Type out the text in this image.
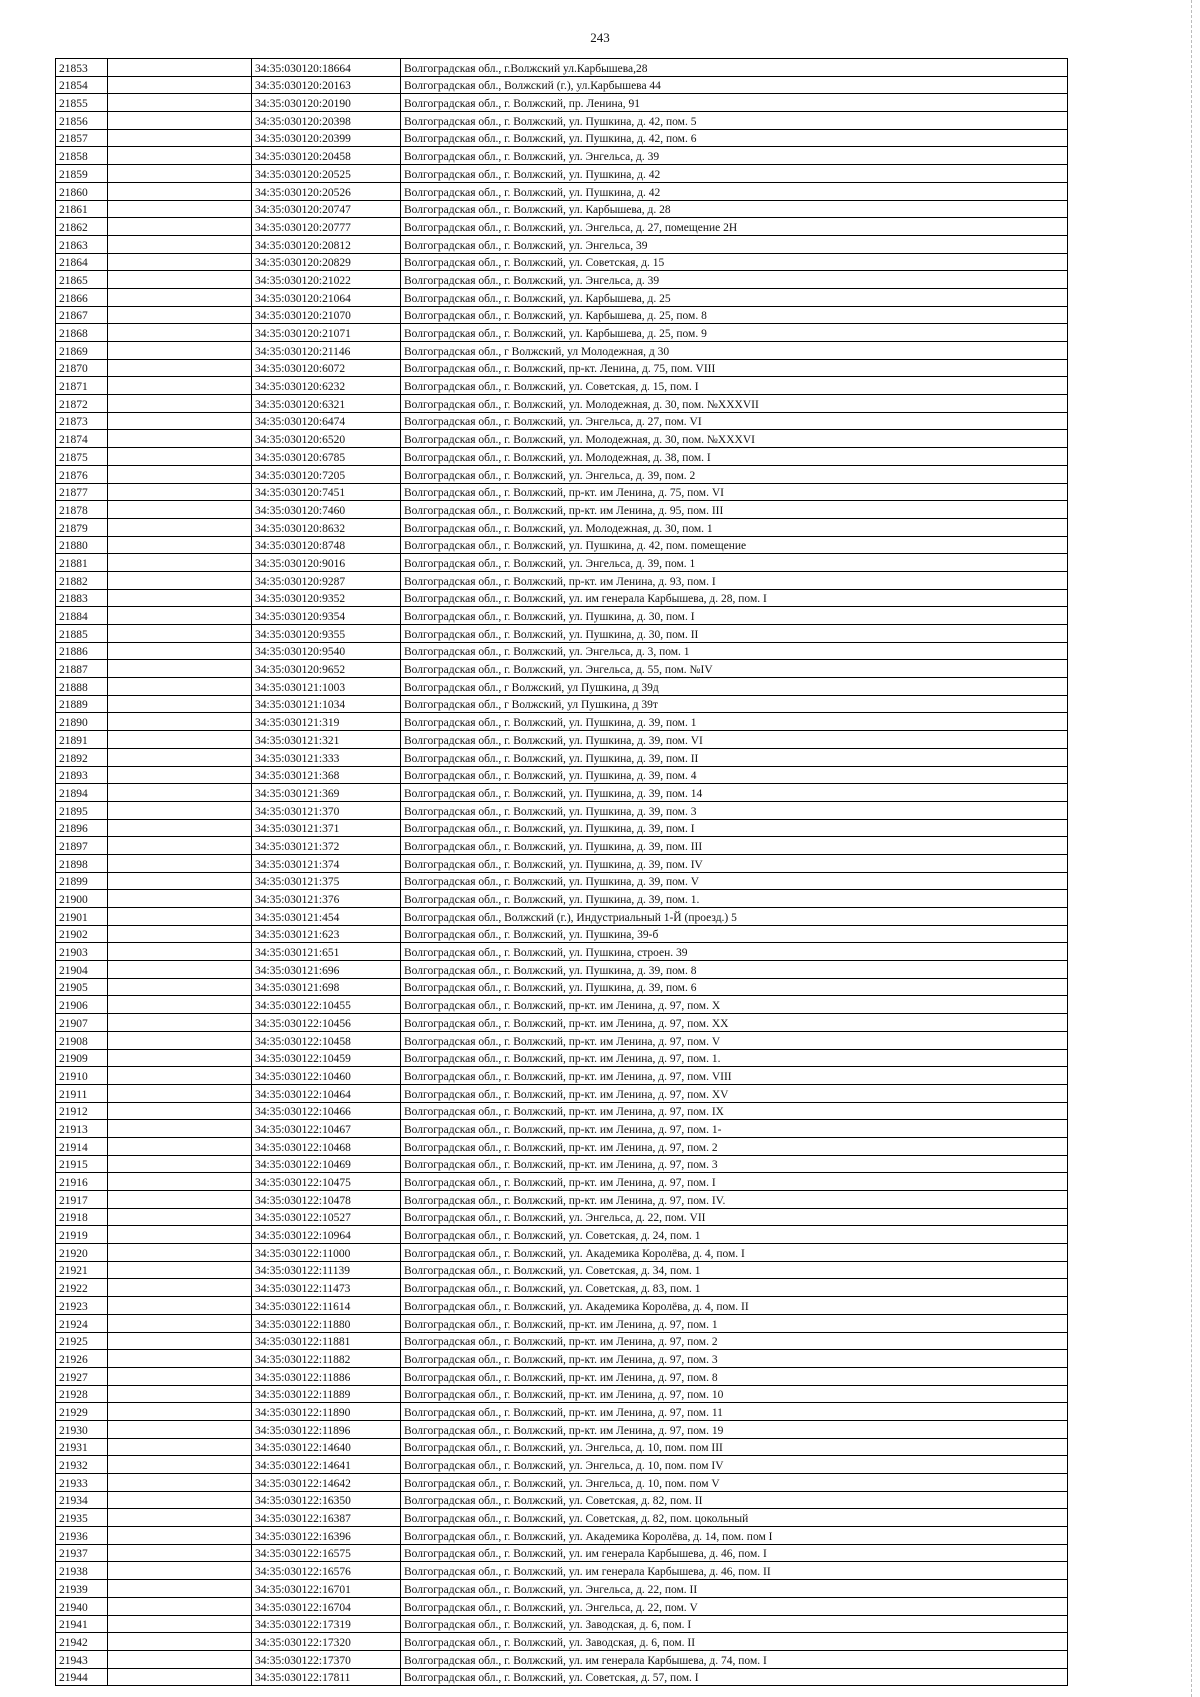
243
21853		34:35:030120:18664	Волгоградская обл., г.Волжский ул.Карбышева,28
21854		34:35:030120:20163	Волгоградская обл., Волжский (г.), ул.Карбышева 44
21855		34:35:030120:20190	Волгоградская обл., г. Волжский, пр. Ленина, 91
21856		34:35:030120:20398	Волгоградская обл., г. Волжский, ул. Пушкина, д. 42, пом. 5
21857		34:35:030120:20399	Волгоградская обл., г. Волжский, ул. Пушкина, д. 42, пом. 6
21858		34:35:030120:20458	Волгоградская обл., г. Волжский, ул. Энгельса, д. 39
21859		34:35:030120:20525	Волгоградская обл., г. Волжский, ул. Пушкина, д. 42
21860		34:35:030120:20526	Волгоградская обл., г. Волжский, ул. Пушкина, д. 42
21861		34:35:030120:20747	Волгоградская обл., г. Волжский, ул. Карбышева, д. 28
21862		34:35:030120:20777	Волгоградская обл., г. Волжский, ул. Энгельса, д. 27, помещение 2Н
21863		34:35:030120:20812	Волгоградская обл., г. Волжский, ул. Энгельса, 39
21864		34:35:030120:20829	Волгоградская обл., г. Волжский, ул. Советская, д. 15
21865		34:35:030120:21022	Волгоградская обл., г. Волжский, ул. Энгельса, д. 39
21866		34:35:030120:21064	Волгоградская обл., г. Волжский, ул. Карбышева, д. 25
21867		34:35:030120:21070	Волгоградская обл., г. Волжский, ул. Карбышева, д. 25, пом. 8
21868		34:35:030120:21071	Волгоградская обл., г. Волжский, ул. Карбышева, д. 25, пом. 9
21869		34:35:030120:21146	Волгоградская обл., г Волжский, ул Молодежная, д 30
21870		34:35:030120:6072	Волгоградская обл., г. Волжский, пр-кт. Ленина, д. 75, пом. VIII
21871		34:35:030120:6232	Волгоградская обл., г. Волжский, ул. Советская, д. 15, пом. I
21872		34:35:030120:6321	Волгоградская обл., г. Волжский, ул. Молодежная, д. 30, пом. №XXXVII
21873		34:35:030120:6474	Волгоградская обл., г. Волжский, ул. Энгельса, д. 27, пом. VI
21874		34:35:030120:6520	Волгоградская обл., г. Волжский, ул. Молодежная, д. 30, пом. №XXXVI
21875		34:35:030120:6785	Волгоградская обл., г. Волжский, ул. Молодежная, д. 38, пом. I
21876		34:35:030120:7205	Волгоградская обл., г. Волжский, ул. Энгельса, д. 39, пом. 2
21877		34:35:030120:7451	Волгоградская обл., г. Волжский, пр-кт. им Ленина, д. 75, пом. VI
21878		34:35:030120:7460	Волгоградская обл., г. Волжский, пр-кт. им Ленина, д. 95, пом. III
21879		34:35:030120:8632	Волгоградская обл., г. Волжский, ул. Молодежная, д. 30, пом. 1
21880		34:35:030120:8748	Волгоградская обл., г. Волжский, ул. Пушкина, д. 42, пом. помещение
21881		34:35:030120:9016	Волгоградская обл., г. Волжский, ул. Энгельса, д. 39, пом. 1
21882		34:35:030120:9287	Волгоградская обл., г. Волжский, пр-кт. им Ленина, д. 93, пом. I
21883		34:35:030120:9352	Волгоградская обл., г. Волжский, ул. им генерала Карбышева, д. 28, пом. I
21884		34:35:030120:9354	Волгоградская обл., г. Волжский, ул. Пушкина, д. 30, пом. I
21885		34:35:030120:9355	Волгоградская обл., г. Волжский, ул. Пушкина, д. 30, пом. II
21886		34:35:030120:9540	Волгоградская обл., г. Волжский, ул. Энгельса, д. 3, пом. 1
21887		34:35:030120:9652	Волгоградская обл., г. Волжский, ул. Энгельса, д. 55, пом. №IV
21888		34:35:030121:1003	Волгоградская обл., г Волжский, ул Пушкина, д 39д
21889		34:35:030121:1034	Волгоградская обл., г Волжский, ул Пушкина, д 39т
21890		34:35:030121:319	Волгоградская обл., г. Волжский, ул. Пушкина, д. 39, пом. 1
21891		34:35:030121:321	Волгоградская обл., г. Волжский, ул. Пушкина, д. 39, пом. VI
21892		34:35:030121:333	Волгоградская обл., г. Волжский, ул. Пушкина, д. 39, пом. II
21893		34:35:030121:368	Волгоградская обл., г. Волжский, ул. Пушкина, д. 39, пом. 4
21894		34:35:030121:369	Волгоградская обл., г. Волжский, ул. Пушкина, д. 39, пом. 14
21895		34:35:030121:370	Волгоградская обл., г. Волжский, ул. Пушкина, д. 39, пом. 3
21896		34:35:030121:371	Волгоградская обл., г. Волжский, ул. Пушкина, д. 39, пом. I
21897		34:35:030121:372	Волгоградская обл., г. Волжский, ул. Пушкина, д. 39, пом. III
21898		34:35:030121:374	Волгоградская обл., г. Волжский, ул. Пушкина, д. 39, пом. IV
21899		34:35:030121:375	Волгоградская обл., г. Волжский, ул. Пушкина, д. 39, пом. V
21900		34:35:030121:376	Волгоградская обл., г. Волжский, ул. Пушкина, д. 39, пом. 1.
21901		34:35:030121:454	Волгоградская обл., Волжский (г.), Индустриальный 1-Й (проезд.) 5
21902		34:35:030121:623	Волгоградская обл., г. Волжский, ул. Пушкина, 39-б
21903		34:35:030121:651	Волгоградская обл., г. Волжский, ул. Пушкина, строен. 39
21904		34:35:030121:696	Волгоградская обл., г. Волжский, ул. Пушкина, д. 39, пом. 8
21905		34:35:030121:698	Волгоградская обл., г. Волжский, ул. Пушкина, д. 39, пом. 6
21906		34:35:030122:10455	Волгоградская обл., г. Волжский, пр-кт. им Ленина, д. 97, пом. X
21907		34:35:030122:10456	Волгоградская обл., г. Волжский, пр-кт. им Ленина, д. 97, пом. XX
21908		34:35:030122:10458	Волгоградская обл., г. Волжский, пр-кт. им Ленина, д. 97, пом. V
21909		34:35:030122:10459	Волгоградская обл., г. Волжский, пр-кт. им Ленина, д. 97, пом. 1.
21910		34:35:030122:10460	Волгоградская обл., г. Волжский, пр-кт. им Ленина, д. 97, пом. VIII
21911		34:35:030122:10464	Волгоградская обл., г. Волжский, пр-кт. им Ленина, д. 97, пом. XV
21912		34:35:030122:10466	Волгоградская обл., г. Волжский, пр-кт. им Ленина, д. 97, пом. IX
21913		34:35:030122:10467	Волгоградская обл., г. Волжский, пр-кт. им Ленина, д. 97, пом. 1-
21914		34:35:030122:10468	Волгоградская обл., г. Волжский, пр-кт. им Ленина, д. 97, пом. 2
21915		34:35:030122:10469	Волгоградская обл., г. Волжский, пр-кт. им Ленина, д. 97, пом. 3
21916		34:35:030122:10475	Волгоградская обл., г. Волжский, пр-кт. им Ленина, д. 97, пом. I
21917		34:35:030122:10478	Волгоградская обл., г. Волжский, пр-кт. им Ленина, д. 97, пом. IV.
21918		34:35:030122:10527	Волгоградская обл., г. Волжский, ул. Энгельса, д. 22, пом. VII
21919		34:35:030122:10964	Волгоградская обл., г. Волжский, ул. Советская, д. 24, пом. 1
21920		34:35:030122:11000	Волгоградская обл., г. Волжский, ул. Академика Королёва, д. 4, пом. I
21921		34:35:030122:11139	Волгоградская обл., г. Волжский, ул. Советская, д. 34, пом. 1
21922		34:35:030122:11473	Волгоградская обл., г. Волжский, ул. Советская, д. 83, пом. 1
21923		34:35:030122:11614	Волгоградская обл., г. Волжский, ул. Академика Королёва, д. 4, пом. II
21924		34:35:030122:11880	Волгоградская обл., г. Волжский, пр-кт. им Ленина, д. 97, пом. 1
21925		34:35:030122:11881	Волгоградская обл., г. Волжский, пр-кт. им Ленина, д. 97, пом. 2
21926		34:35:030122:11882	Волгоградская обл., г. Волжский, пр-кт. им Ленина, д. 97, пом. 3
21927		34:35:030122:11886	Волгоградская обл., г. Волжский, пр-кт. им Ленина, д. 97, пом. 8
21928		34:35:030122:11889	Волгоградская обл., г. Волжский, пр-кт. им Ленина, д. 97, пом. 10
21929		34:35:030122:11890	Волгоградская обл., г. Волжский, пр-кт. им Ленина, д. 97, пом. 11
21930		34:35:030122:11896	Волгоградская обл., г. Волжский, пр-кт. им Ленина, д. 97, пом. 19
21931		34:35:030122:14640	Волгоградская обл., г. Волжский, ул. Энгельса, д. 10, пом. пом III
21932		34:35:030122:14641	Волгоградская обл., г. Волжский, ул. Энгельса, д. 10, пом. пом IV
21933		34:35:030122:14642	Волгоградская обл., г. Волжский, ул. Энгельса, д. 10, пом. пом V
21934		34:35:030122:16350	Волгоградская обл., г. Волжский, ул. Советская, д. 82, пом. II
21935		34:35:030122:16387	Волгоградская обл., г. Волжский, ул. Советская, д. 82, пом. цокольный
21936		34:35:030122:16396	Волгоградская обл., г. Волжский, ул. Академика Королёва, д. 14, пом. пом I
21937		34:35:030122:16575	Волгоградская обл., г. Волжский, ул. им генерала Карбышева, д. 46, пом. I
21938		34:35:030122:16576	Волгоградская обл., г. Волжский, ул. им генерала Карбышева, д. 46, пом. II
21939		34:35:030122:16701	Волгоградская обл., г. Волжский, ул. Энгельса, д. 22, пом. II
21940		34:35:030122:16704	Волгоградская обл., г. Волжский, ул. Энгельса, д. 22, пом. V
21941		34:35:030122:17319	Волгоградская обл., г. Волжский, ул. Заводская, д. 6, пом. I
21942		34:35:030122:17320	Волгоградская обл., г. Волжский, ул. Заводская, д. 6, пом. II
21943		34:35:030122:17370	Волгоградская обл., г. Волжский, ул. им генерала Карбышева, д. 74, пом. I
21944		34:35:030122:17811	Волгоградская обл., г. Волжский, ул. Советская, д. 57, пом. I
